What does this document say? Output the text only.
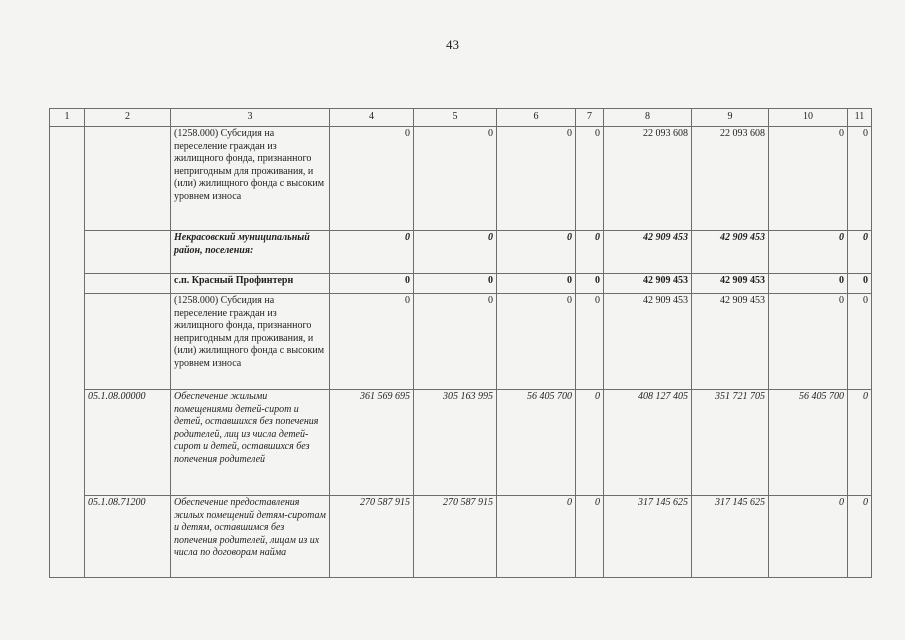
43
1	2	3	4	5	6	7	8	9	10	11
		(1258.000) Субсидия на переселение граждан из жилищного фонда, признанного непригодным для проживания, и (или) жилищного фонда с высоким уровнем износа	0	0	0	0	22 093 608	22 093 608	0	0
		Некрасовский муниципальный район, поселения:	0	0	0	0	42 909 453	42 909 453	0	0
		с.п. Красный Профинтерн	0	0	0	0	42 909 453	42 909 453	0	0
		(1258.000) Субсидия на переселение граждан из жилищного фонда, признанного непригодным для проживания, и (или) жилищного фонда с высоким уровнем износа	0	0	0	0	42 909 453	42 909 453	0	0
	05.1.08.00000	Обеспечение жилыми помещениями детей-сирот и детей, оставшихся без попечения родителей, лиц из числа детей-сирот и детей, оставшихся без попечения родителей	361 569 695	305 163 995	56 405 700	0	408 127 405	351 721 705	56 405 700	0
	05.1.08.71200	Обеспечение предоставления жилых помещений детям-сиротам и детям, оставшимся без попечения родителей, лицам из их числа по договорам найма	270 587 915	270 587 915	0	0	317 145 625	317 145 625	0	0
